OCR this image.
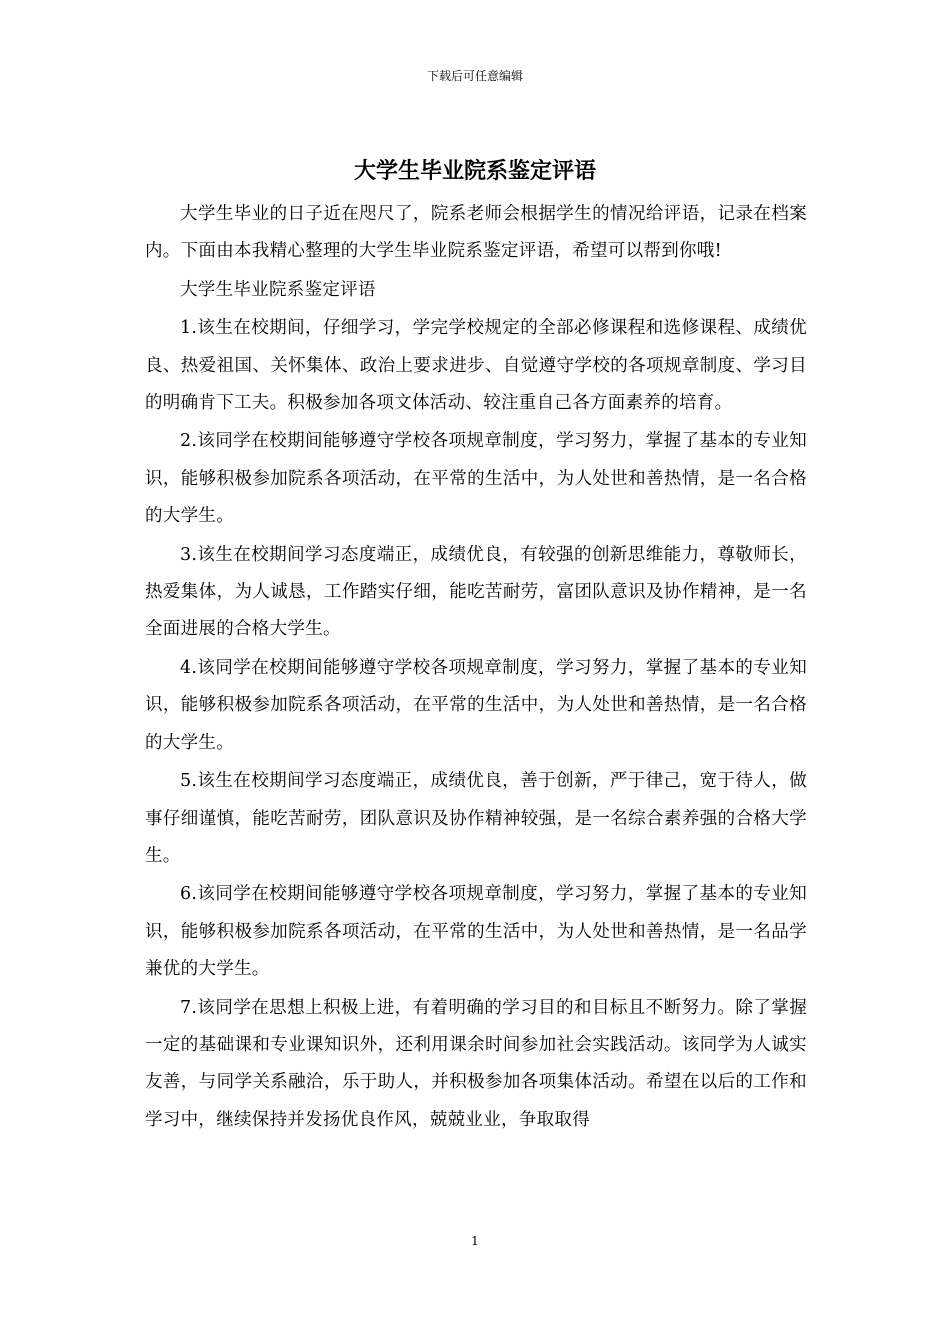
下载后可任意编辑
大学生毕业院系鉴定评语

大学生毕业的日子近在咫尺了，院系老师会根据学生的情况给评语，记录在档案内。下面由本我精心整理的大学生毕业院系鉴定评语，希望可以帮到你哦!

大学生毕业院系鉴定评语

1.该生在校期间，仔细学习，学完学校规定的全部必修课程和选修课程、成绩优良、热爱祖国、关怀集体、政治上要求进步、自觉遵守学校的各项规章制度、学习目的明确肯下工夫。积极参加各项文体活动、较注重自己各方面素养的培育。

2.该同学在校期间能够遵守学校各项规章制度，学习努力，掌握了基本的专业知识，能够积极参加院系各项活动，在平常的生活中，为人处世和善热情，是一名合格的大学生。

3.该生在校期间学习态度端正，成绩优良，有较强的创新思维能力，尊敬师长，热爱集体，为人诚恳，工作踏实仔细，能吃苦耐劳，富团队意识及协作精神，是一名全面进展的合格大学生。

4.该同学在校期间能够遵守学校各项规章制度，学习努力，掌握了基本的专业知识，能够积极参加院系各项活动，在平常的生活中，为人处世和善热情，是一名合格的大学生。

5.该生在校期间学习态度端正，成绩优良，善于创新，严于律己，宽于待人，做事仔细谨慎，能吃苦耐劳，团队意识及协作精神较强，是一名综合素养强的合格大学生。

6.该同学在校期间能够遵守学校各项规章制度，学习努力，掌握了基本的专业知识，能够积极参加院系各项活动，在平常的生活中，为人处世和善热情，是一名品学兼优的大学生。

7.该同学在思想上积极上进，有着明确的学习目的和目标且不断努力。除了掌握一定的基础课和专业课知识外，还利用课余时间参加社会实践活动。该同学为人诚实友善，与同学关系融洽，乐于助人，并积极参加各项集体活动。希望在以后的工作和学习中，继续保持并发扬优良作风，兢兢业业，争取取得

1
